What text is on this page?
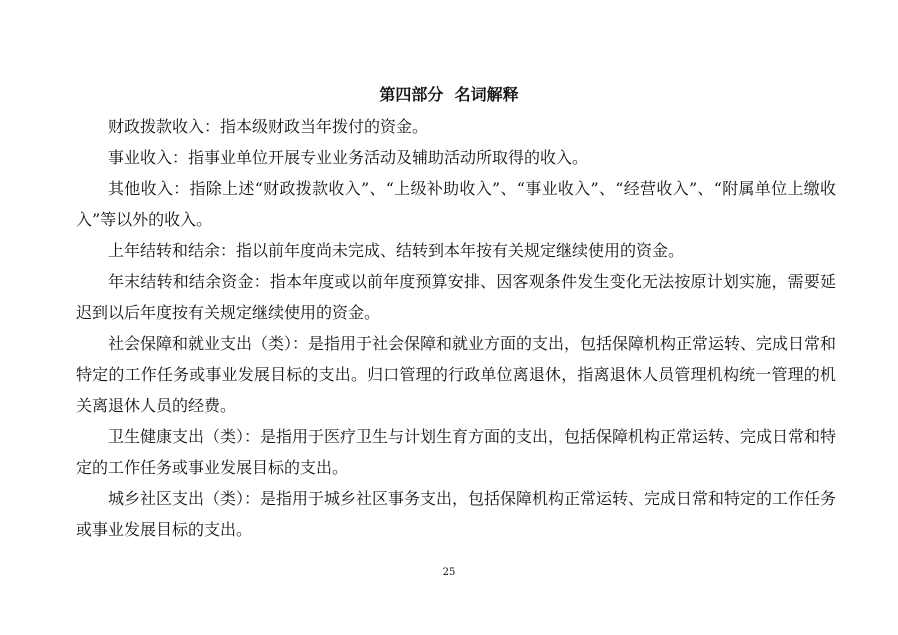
第四部分  名词解释

财政拨款收入：指本级财政当年拨付的资金。

事业收入：指事业单位开展专业业务活动及辅助活动所取得的收入。

其他收入：指除上述“财政拨款收入”、“上级补助收入”、“事业收入”、“经营收入”、“附属单位上缴收入”等以外的收入。

上年结转和结余：指以前年度尚未完成、结转到本年按有关规定继续使用的资金。

年末结转和结余资金：指本年度或以前年度预算安排、因客观条件发生变化无法按原计划实施，需要延迟到以后年度按有关规定继续使用的资金。

社会保障和就业支出（类）：是指用于社会保障和就业方面的支出，包括保障机构正常运转、完成日常和特定的工作任务或事业发展目标的支出。归口管理的行政单位离退休，指离退休人员管理机构统一管理的机关离退休人员的经费。

卫生健康支出（类）：是指用于医疗卫生与计划生育方面的支出，包括保障机构正常运转、完成日常和特定的工作任务或事业发展目标的支出。

城乡社区支出（类）：是指用于城乡社区事务支出，包括保障机构正常运转、完成日常和特定的工作任务或事业发展目标的支出。

25
